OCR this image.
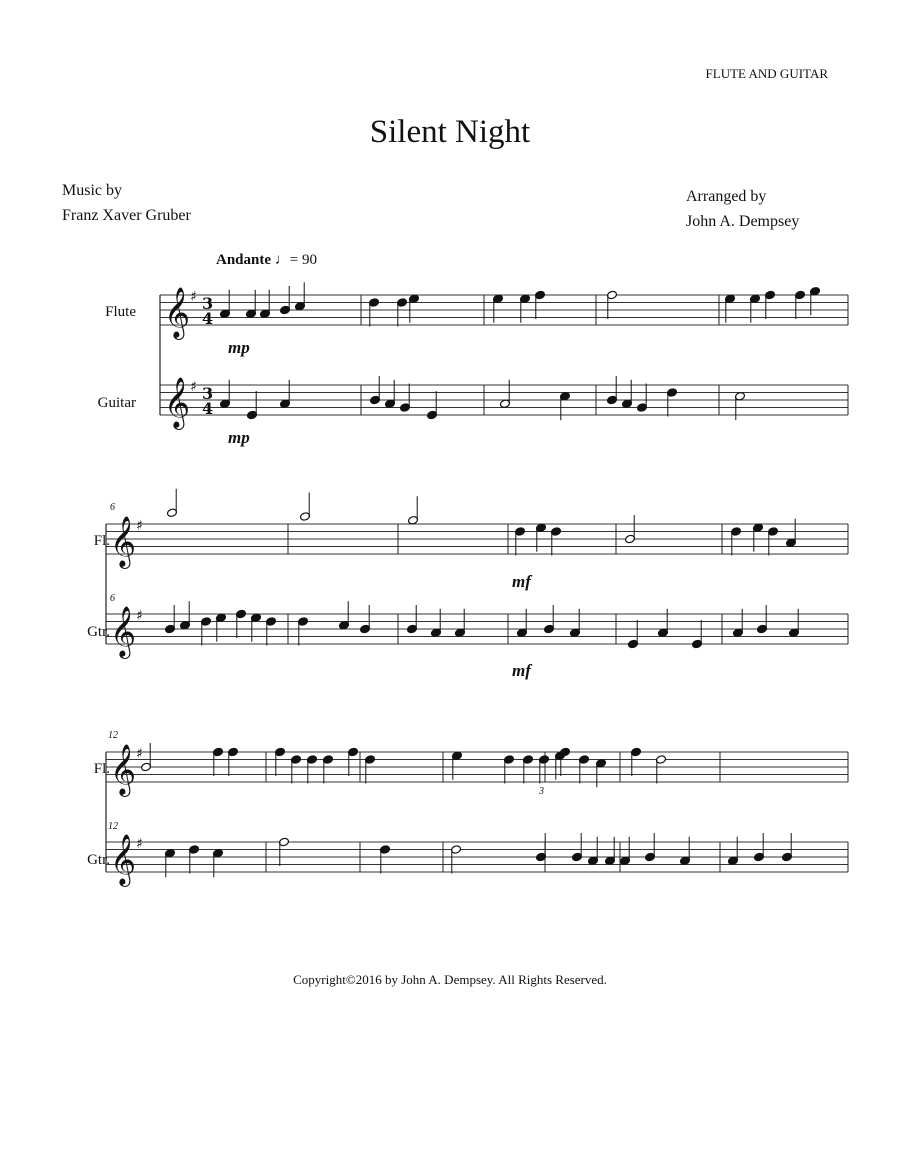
FLUTE AND GUITAR
Silent Night
Music by
Franz Xaver Gruber
Arranged by
John A. Dempsey
Andante ♩= 90
Flute
Guitar
Fl.
Gtr.
Fl.
Gtr.
6
6
12
12
mp
mp
mf
mf
3
𝄞 ♯
𝄞 ♯
𝄞 ♯
𝄞 ♯
𝄞 ♯
𝄞 ♯
3
4
3
4
Copyright©2016 by John A. Dempsey. All Rights Reserved.
